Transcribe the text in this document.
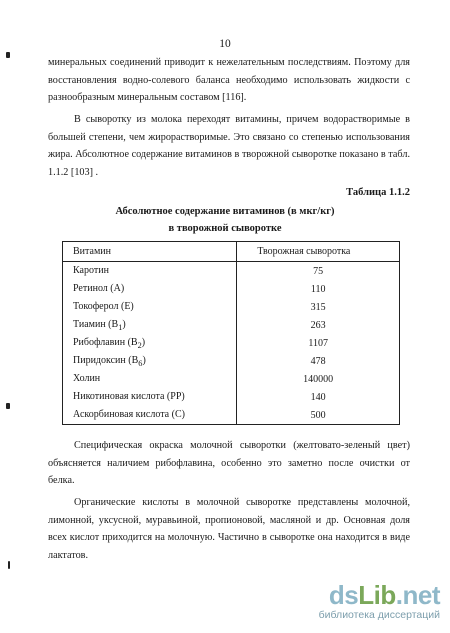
10

минеральных соединений приводит к нежелательным последствиям. Поэтому для восстановления водно-солевого баланса необходимо использовать жидкости с разнообразным минеральным составом [116].

В сыворотку из молока переходят витамины, причем водорастворимые в большей степени, чем жирорастворимые. Это связано со степенью использования жира. Абсолютное содержание витаминов в творожной сыворотке показано в табл. 1.1.2 [103] .

Таблица 1.1.2
Абсолютное содержание витаминов (в мкг/кг)
в творожной сыворотке
Витамин	Творожная сыворотка
Каротин	75
Ретинол (А)	110
Токоферол (Е)	315
Тиамин $(В_1)$	263
Рибофлавин $(В_2)$	1107
Пиридоксин $(В_6)$	478
Холин	140000
Никотиновая кислота (РР)	140
Аскорбиновая кислота (С)	500

Специфическая окраска молочной сыворотки (желтовато-зеленый цвет) объясняется наличием рибофлавина, особенно это заметно после очистки от белка.

Органические кислоты в молочной сыворотке представлены молочной, лимонной, уксусной, муравьиной, пропионовой, масляной и др. Основная доля всех кислот приходится на молочную. Частично в сыворотке она находится в виде лактатов.

dsLib.net
библиотека диссертаций
